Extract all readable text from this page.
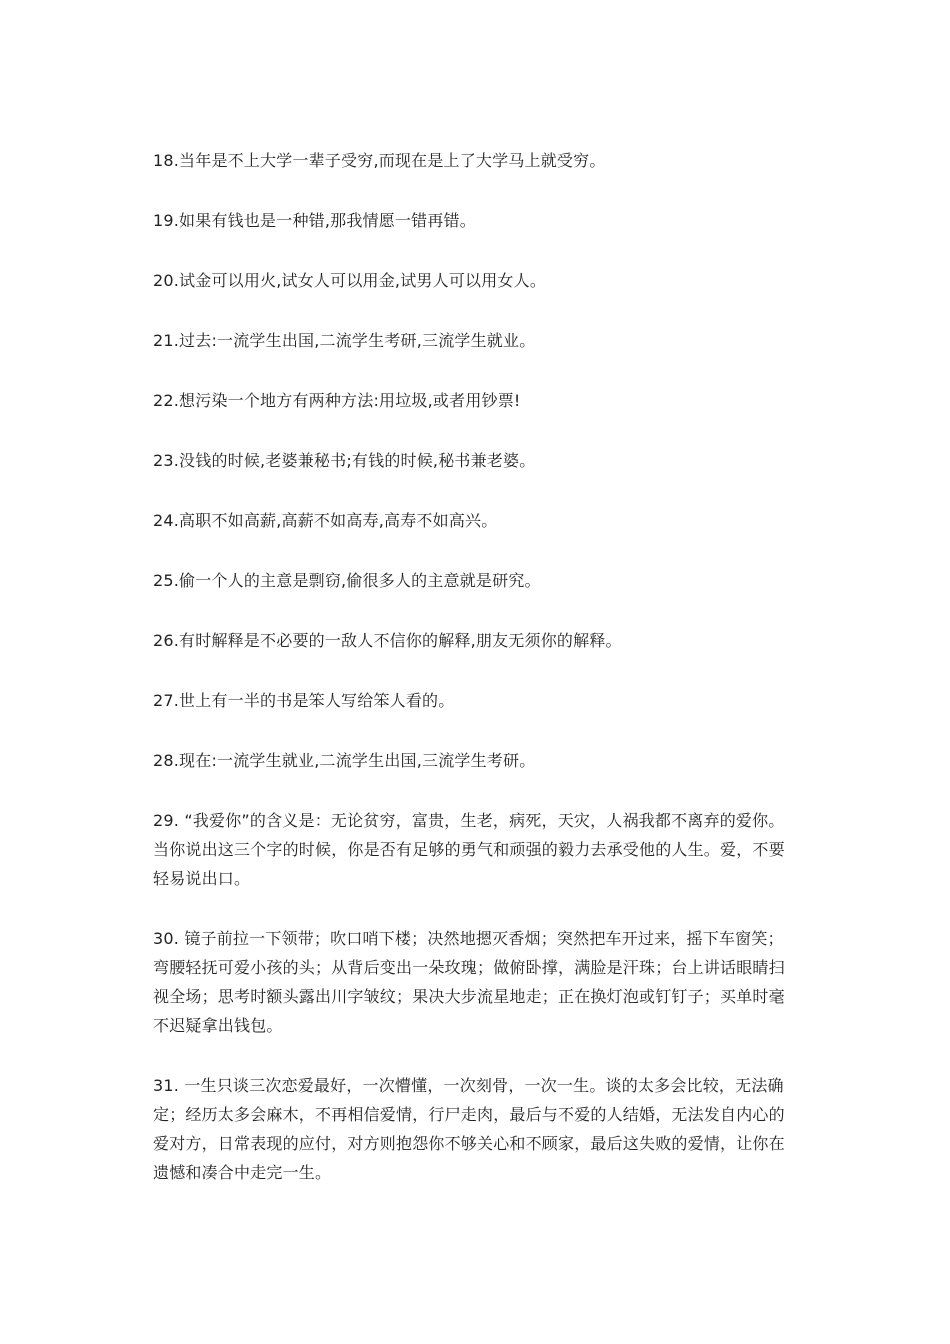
18.当年是不上大学一辈子受穷,而现在是上了大学马上就受穷。

19.如果有钱也是一种错,那我情愿一错再错。

20.试金可以用火,试女人可以用金,试男人可以用女人。

21.过去:一流学生出国,二流学生考研,三流学生就业。

22.想污染一个地方有两种方法:用垃圾,或者用钞票!

23.没钱的时候,老婆兼秘书;有钱的时候,秘书兼老婆。

24.高职不如高薪,高薪不如高寿,高寿不如高兴。

25.偷一个人的主意是剽窃,偷很多人的主意就是研究。

26.有时解释是不必要的一敌人不信你的解释,朋友无须你的解释。

27.世上有一半的书是笨人写给笨人看的。

28.现在:一流学生就业,二流学生出国,三流学生考研。

29. “我爱你”的含义是：无论贫穷，富贵，生老，病死，天灾，人祸我都不离弃的爱你。当你说出这三个字的时候，你是否有足够的勇气和顽强的毅力去承受他的人生。爱，不要轻易说出口。

30. 镜子前拉一下领带；吹口哨下楼；决然地摁灭香烟；突然把车开过来，摇下车窗笑；弯腰轻抚可爱小孩的头；从背后变出一朵玫瑰；做俯卧撑，满脸是汗珠；台上讲话眼睛扫视全场；思考时额头露出川字皱纹；果决大步流星地走；正在换灯泡或钉钉子；买单时毫不迟疑拿出钱包。

31. 一生只谈三次恋爱最好，一次懵懂，一次刻骨，一次一生。谈的太多会比较，无法确定；经历太多会麻木，不再相信爱情，行尸走肉，最后与不爱的人结婚，无法发自内心的爱对方，日常表现的应付，对方则抱怨你不够关心和不顾家，最后这失败的爱情，让你在遗憾和凑合中走完一生。
